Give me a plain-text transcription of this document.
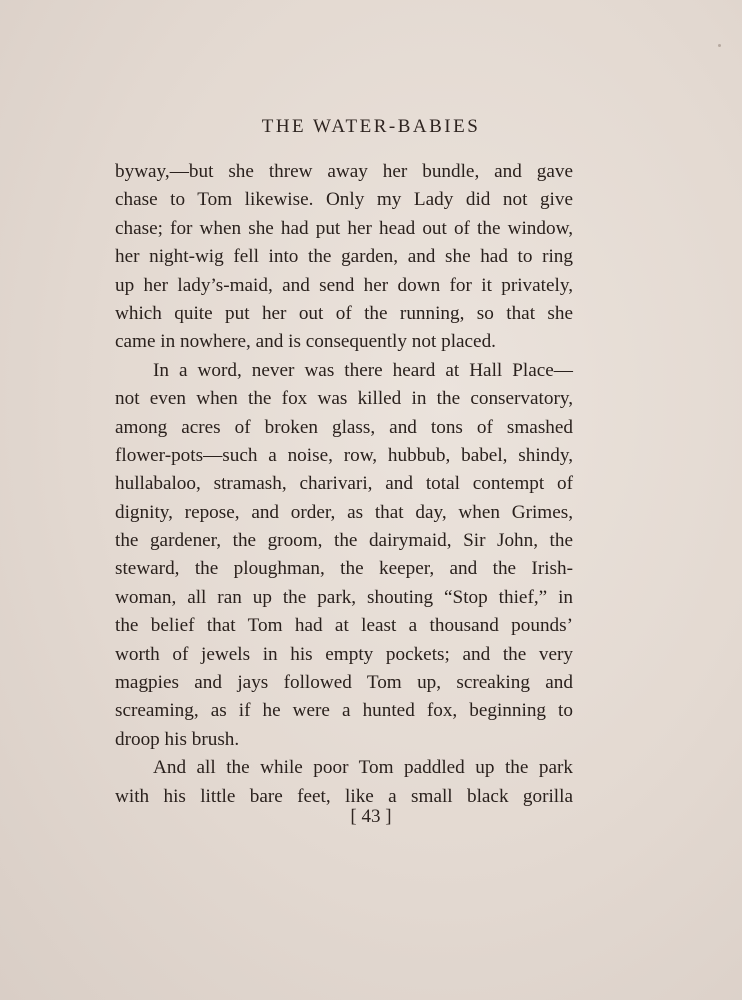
THE WATER-BABIES
byway,—but she threw away her bundle, and gave
chase to Tom likewise. Only my Lady did not give
chase; for when she had put her head out of the window,
her night-wig fell into the garden, and she had to ring
up her lady’s-maid, and send her down for it privately,
which quite put her out of the running, so that she
came in nowhere, and is consequently not placed.
In a word, never was there heard at Hall Place—
not even when the fox was killed in the conservatory,
among acres of broken glass, and tons of smashed
flower-pots—such a noise, row, hubbub, babel, shindy,
hullabaloo, stramash, charivari, and total contempt of
dignity, repose, and order, as that day, when Grimes,
the gardener, the groom, the dairymaid, Sir John, the
steward, the ploughman, the keeper, and the Irish-
woman, all ran up the park, shouting “Stop thief,” in
the belief that Tom had at least a thousand pounds’
worth of jewels in his empty pockets; and the very
magpies and jays followed Tom up, screaking and
screaming, as if he were a hunted fox, beginning to
droop his brush.
And all the while poor Tom paddled up the park
with his little bare feet, like a small black gorilla
[ 43 ]
